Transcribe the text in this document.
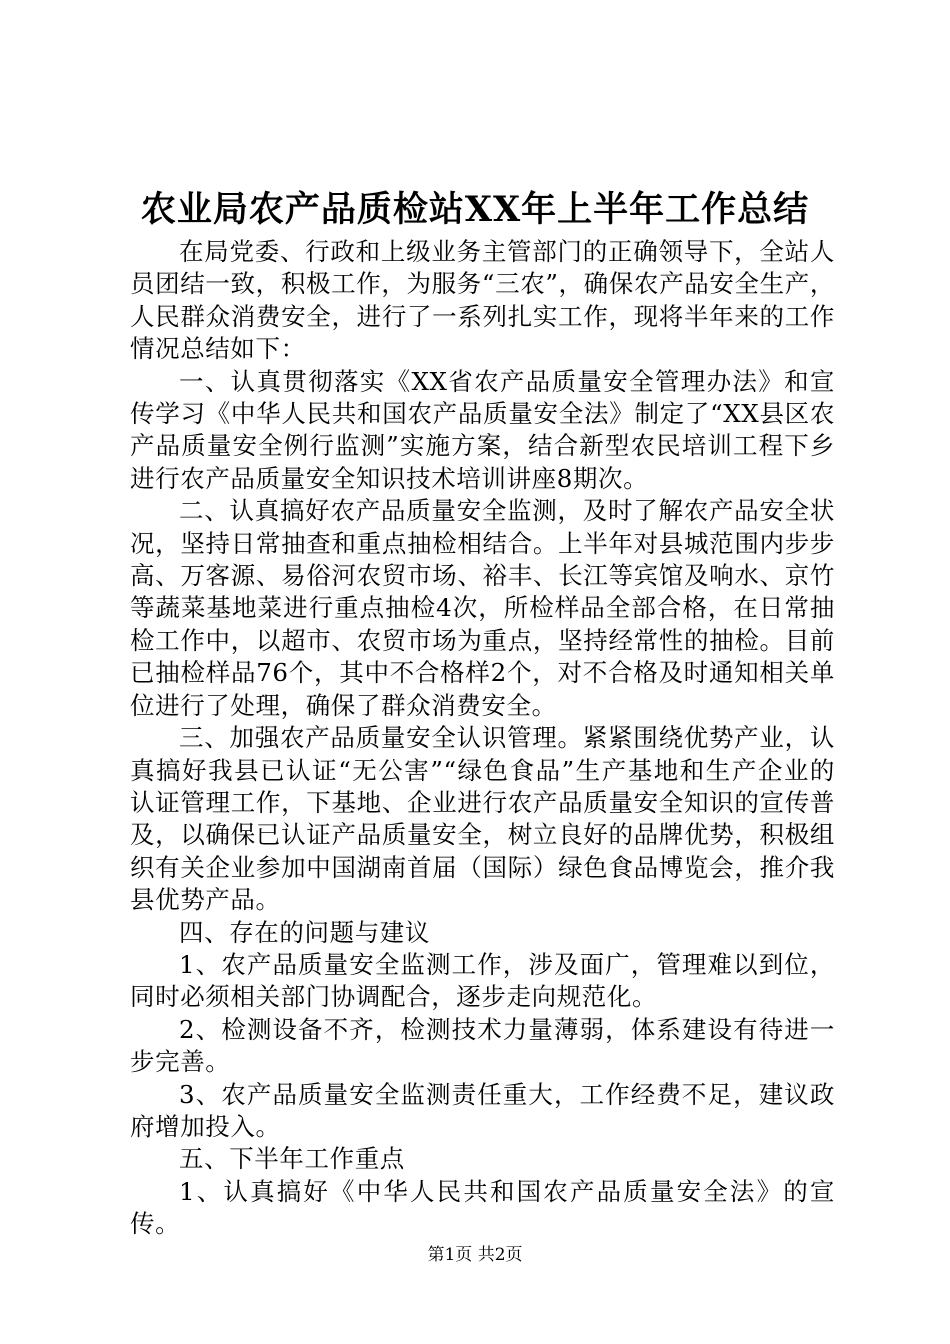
农业局农产品质检站XX年上半年工作总结

在局党委、行政和上级业务主管部门的正确领导下，全站人员团结一致，积极工作，为服务“三农”，确保农产品安全生产，人民群众消费安全，进行了一系列扎实工作，现将半年来的工作情况总结如下：

一、认真贯彻落实《XX省农产品质量安全管理办法》和宣传学习《中华人民共和国农产品质量安全法》制定了“XX县区农产品质量安全例行监测”实施方案，结合新型农民培训工程下乡进行农产品质量安全知识技术培训讲座8期次。

二、认真搞好农产品质量安全监测，及时了解农产品安全状况，坚持日常抽查和重点抽检相结合。上半年对县城范围内步步高、万客源、易俗河农贸市场、裕丰、长江等宾馆及响水、京竹等蔬菜基地菜进行重点抽检4次，所检样品全部合格，在日常抽检工作中，以超市、农贸市场为重点，坚持经常性的抽检。目前已抽检样品76个，其中不合格样2个，对不合格及时通知相关单位进行了处理，确保了群众消费安全。

三、加强农产品质量安全认识管理。紧紧围绕优势产业，认真搞好我县已认证“无公害”“绿色食品”生产基地和生产企业的认证管理工作，下基地、企业进行农产品质量安全知识的宣传普及，以确保已认证产品质量安全，树立良好的品牌优势，积极组织有关企业参加中国湖南首届（国际）绿色食品博览会，推介我县优势产品。

四、存在的问题与建议

1、农产品质量安全监测工作，涉及面广，管理难以到位，同时必须相关部门协调配合，逐步走向规范化。

2、检测设备不齐，检测技术力量薄弱，体系建设有待进一步完善。

3、农产品质量安全监测责任重大，工作经费不足，建议政府增加投入。

五、下半年工作重点

1、认真搞好《中华人民共和国农产品质量安全法》的宣传。

第1页 共2页
